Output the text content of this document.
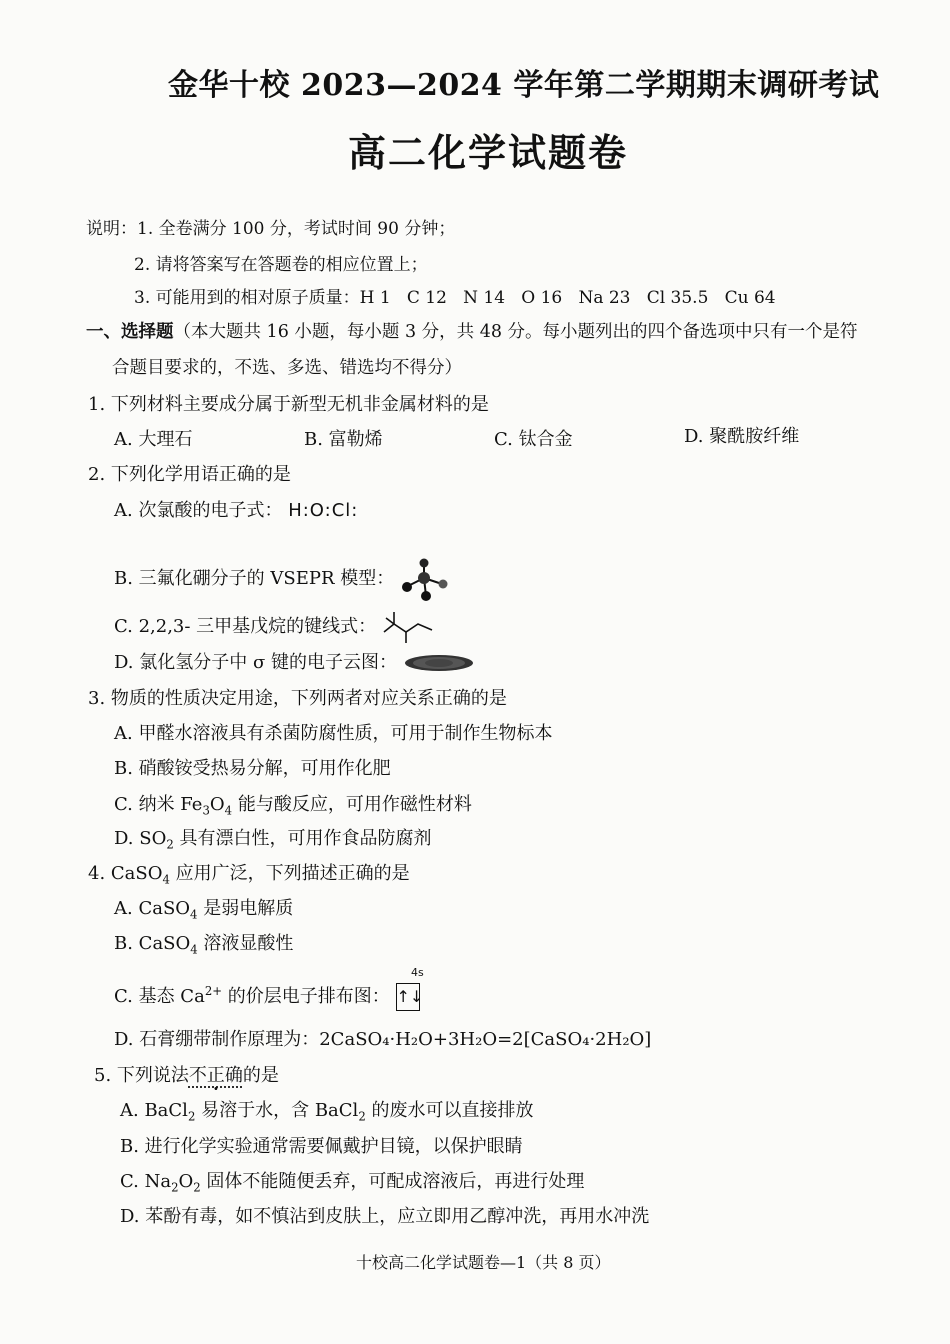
金华十校 2023—2024 学年第二学期期末调研考试
高二化学试题卷
说明：1. 全卷满分 100 分，考试时间 90 分钟；
2. 请将答案写在答题卷的相应位置上；
3. 可能用到的相对原子质量：H 1   C 12   N 14   O 16   Na 23   Cl 35.5   Cu 64
一、选择题（本大题共 16 小题，每小题 3 分，共 48 分。每小题列出的四个备选项中只有一个是符
合题目要求的，不选、多选、错选均不得分）
1. 下列材料主要成分属于新型无机非金属材料的是
A. 大理石	B. 富勒烯	C. 钛合金	D. 聚酰胺纤维
2. 下列化学用语正确的是
A. 次氯酸的电子式： H:O:Cl:
B. 三氟化硼分子的 VSEPR 模型：
C. 2,2,3- 三甲基戊烷的键线式：
D. 氯化氢分子中 σ 键的电子云图：
3. 物质的性质决定用途，下列两者对应关系正确的是
A. 甲醛水溶液具有杀菌防腐性质，可用于制作生物标本
B. 硝酸铵受热易分解，可用作化肥
C. 纳米 $Fe_3O_4$ 能与酸反应，可用作磁性材料
D. $SO_2$ 具有漂白性，可用作食品防腐剂
4. CaSO$_4$ 应用广泛，下列描述正确的是
A. CaSO$_4$ 是弱电解质
B. CaSO$_4$ 溶液显酸性
4s
C. 基态 $Ca^{2+}$ 的价层电子排布图： ↑↓
D. 石膏绷带制作原理为：2CaSO₄·H₂O+3H₂O=2[CaSO₄·2H₂O]
5. 下列说法不正确的是
A. BaCl$_2$ 易溶于水，含 BaCl$_2$ 的废水可以直接排放
B. 进行化学实验通常需要佩戴护目镜，以保护眼睛
C. $Na_2O_2$ 固体不能随便丢弃，可配成溶液后，再进行处理
D. 苯酚有毒，如不慎沾到皮肤上，应立即用乙醇冲洗，再用水冲洗
十校高二化学试题卷—1（共 8 页）
